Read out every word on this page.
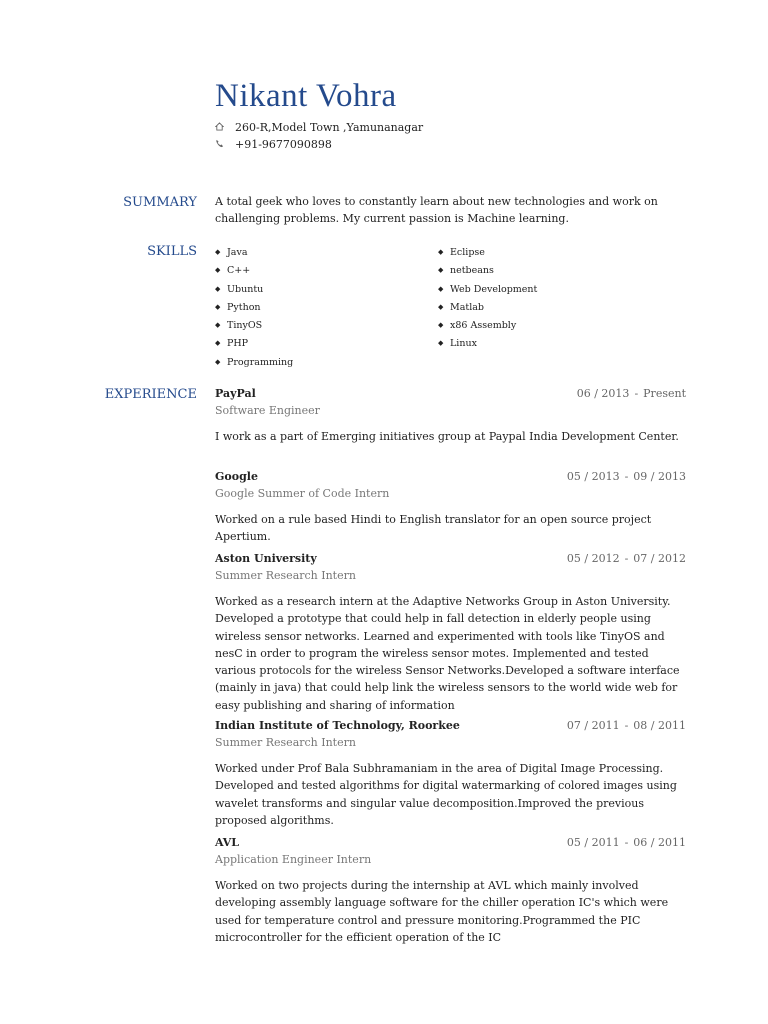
Nikant Vohra
260-R,Model Town ,Yamunanagar
+91-9677090898
SUMMARY A total geek who loves to constantly learn about new technologies and work on challenging problems. My current passion is Machine learning.

SKILLS	◆ Java
◆ C++
◆ Ubuntu
◆ Python
◆ TinyOS
◆ PHP
◆ Programming
◆ Eclipse
◆ netbeans
◆ Web Development
◆ Matlab
◆ x86 Assembly
◆ Linux
EXPERIENCE PayPal	06 / 2013 - Present
Software Engineer
I work as a part of Emerging initiatives group at Paypal India Development Center.
Google	05 / 2013 - 09 / 2013
Google Summer of Code Intern
Worked on a rule based Hindi to English translator for an open source project Apertium.
Aston University	05 / 2012 - 07 / 2012
Summer Research Intern
Worked as a research intern at the Adaptive Networks Group in Aston University. Developed a prototype that could help in fall detection in elderly people using wireless sensor networks. Learned and experimented with tools like TinyOS and nesC in order to program the wireless sensor motes. Implemented and tested various protocols for the wireless Sensor Networks.Developed a software interface (mainly in java) that could help link the wireless sensors to the world wide web for easy publishing and sharing of information
Indian Institute of Technology, Roorkee	07 / 2011 - 08 / 2011
Summer Research Intern
Worked under Prof Bala Subhramaniam in the area of Digital Image Processing. Developed and tested algorithms for digital watermarking of colored images using wavelet transforms and singular value decomposition.Improved the previous proposed algorithms.
AVL	05 / 2011 - 06 / 2011
Application Engineer Intern
Worked on two projects during the internship at AVL which mainly involved developing assembly language software for the chiller operation IC's which were used for temperature control and pressure monitoring.Programmed the PIC microcontroller for the efficient operation of the IC
